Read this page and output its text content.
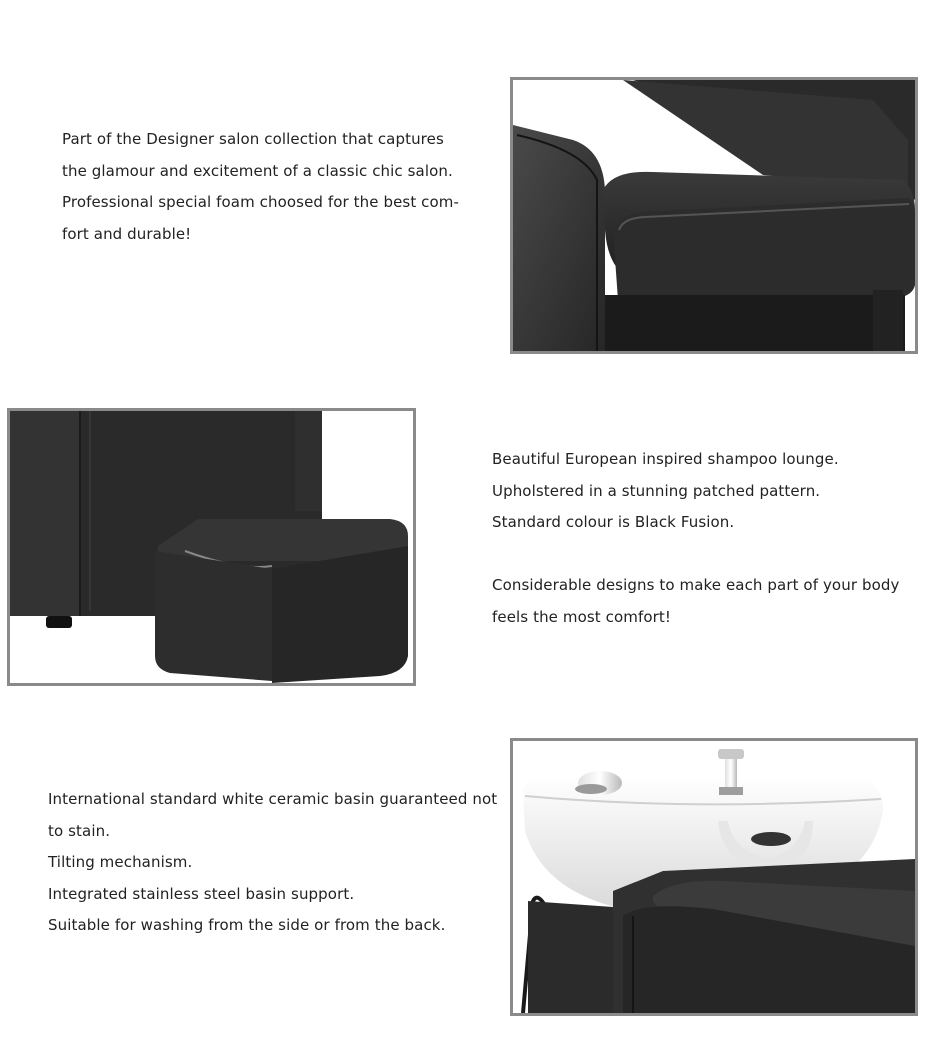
Part of the Designer salon collection that captures

the glamour and excitement of a classic chic salon.

Professional special foam choosed for the best com-

fort and durable!

Beautiful European inspired shampoo lounge.

Upholstered in a stunning patched pattern.

Standard colour is Black Fusion.

Considerable designs to make each part of your body

feels the most comfort!

International standard white ceramic basin guaranteed not

to stain.

Tilting mechanism.

Integrated stainless steel basin support.

Suitable for washing from the side or from the back.
